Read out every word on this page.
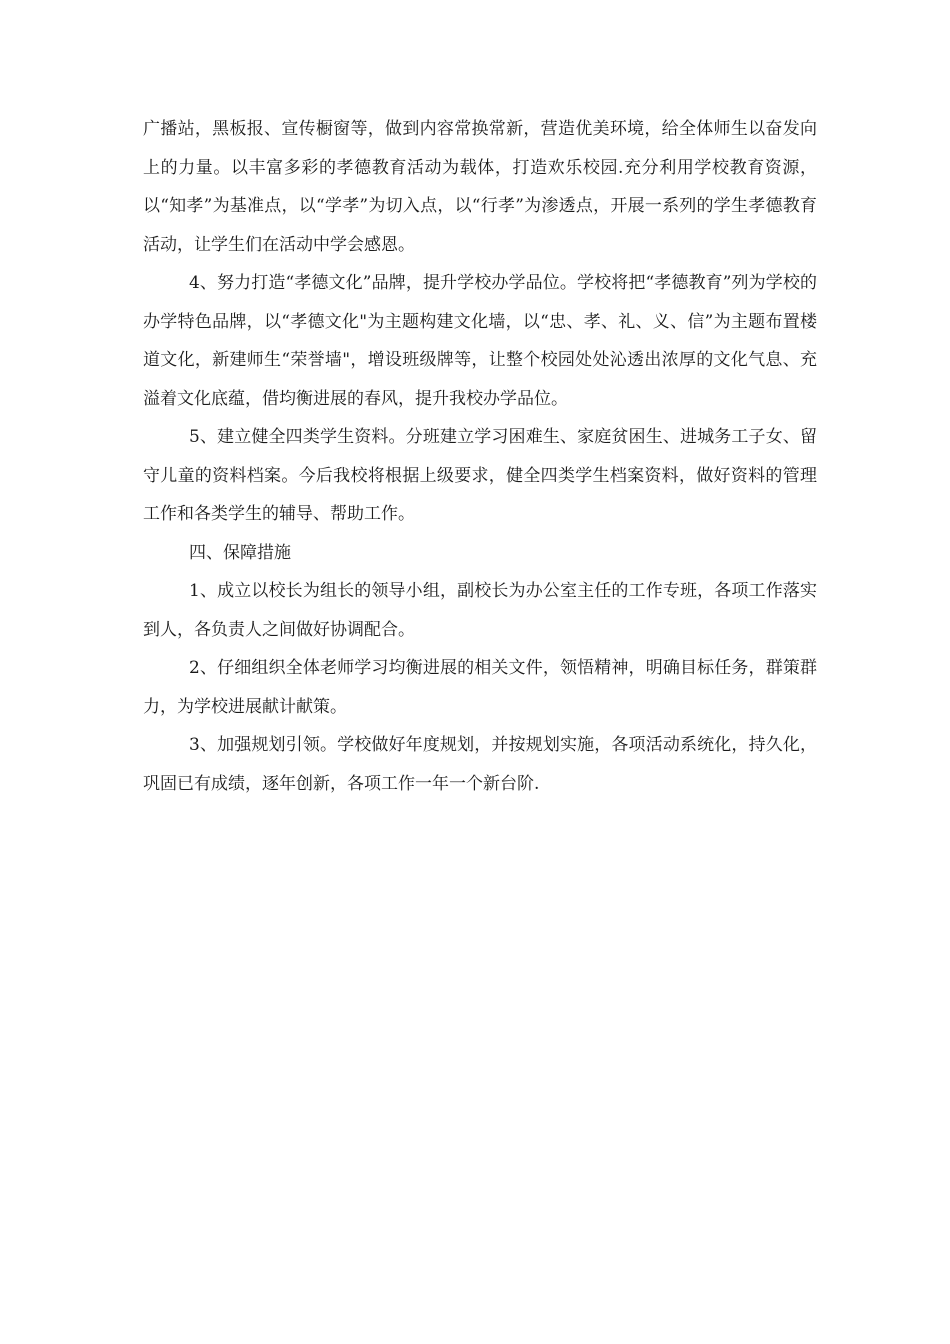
广播站，黑板报、宣传橱窗等，做到内容常换常新，营造优美环境，给全体师生以奋发向上的力量。以丰富多彩的孝德教育活动为载体，打造欢乐校园.充分利用学校教育资源，以“知孝”为基准点，以“学孝”为切入点，以“行孝”为渗透点，开展一系列的学生孝德教育活动，让学生们在活动中学会感恩。

4、努力打造“孝德文化”品牌，提升学校办学品位。学校将把“孝德教育”列为学校的办学特色品牌，以“孝德文化"为主题构建文化墙，以“忠、孝、礼、义、信”为主题布置楼道文化，新建师生“荣誉墙"，增设班级牌等，让整个校园处处沁透出浓厚的文化气息、充溢着文化底蕴，借均衡进展的春风，提升我校办学品位。

5、建立健全四类学生资料。分班建立学习困难生、家庭贫困生、进城务工子女、留守儿童的资料档案。今后我校将根据上级要求，健全四类学生档案资料，做好资料的管理工作和各类学生的辅导、帮助工作。

四、保障措施

1、成立以校长为组长的领导小组，副校长为办公室主任的工作专班，各项工作落实到人，各负责人之间做好协调配合。

2、仔细组织全体老师学习均衡进展的相关文件，领悟精神，明确目标任务，群策群力，为学校进展献计献策。

3、加强规划引领。学校做好年度规划，并按规划实施，各项活动系统化，持久化，巩固已有成绩，逐年创新，各项工作一年一个新台阶.
